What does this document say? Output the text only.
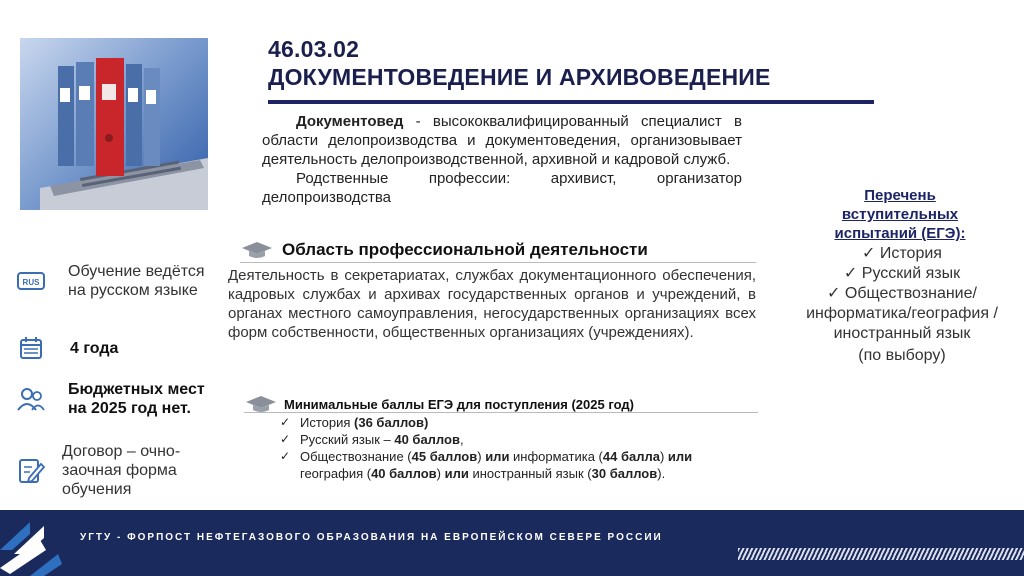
46.03.02
ДОКУМЕНТОВЕДЕНИЕ И АРХИВОВЕДЕНИЕ

Документовед - высококвалифицированный специалист в области делопроизводства и документоведения, организовывает деятельность делопроизводственной, архивной и кадровой служб.

Родственные профессии: архивист, организатор делопроизводства

Область профессиональной деятельности
Деятельность в секретариатах, службах документационного обеспечения, кадровых службах и архивах государственных органов и учреждений, в органах местного самоуправления, негосударственных организациях всех форм собственности, общественных организациях (учреждениях).
Минимальные баллы ЕГЭ для поступления (2025 год)
✓ История (36 баллов)
✓ Русский язык – 40 баллов,
✓ Обществознание (45 баллов) или информатика (44 балла) или география (40 баллов) или иностранный язык (30 баллов).
RUS
Обучение ведётся на русском языке
4 года
Бюджетных мест на 2025 год нет.
Договор – очно-заочная форма обучения
Перечень вступительных испытаний (ЕГЭ):
✓ История
✓ Русский язык
✓ Обществознание/ информатика/география /иностранный язык
(по выбору)
УГТУ - ФОРПОСТ НЕФТЕГАЗОВОГО ОБРАЗОВАНИЯ НА ЕВРОПЕЙСКОМ СЕВЕРЕ РОССИИ
